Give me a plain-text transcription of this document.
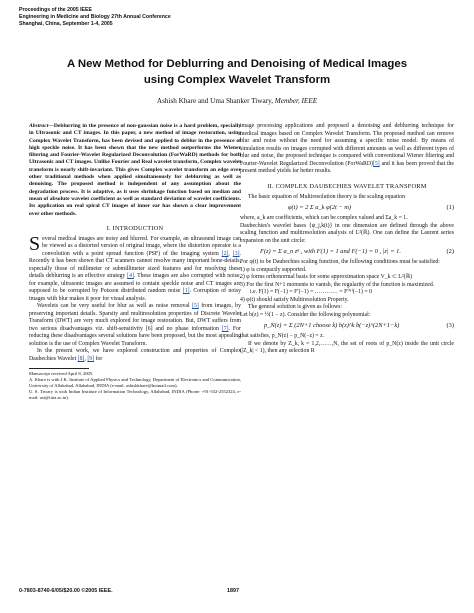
Proceedings of the 2005 IEEE
Engineering in Medicine and Biology 27th Annual Conference
Shanghai, China, September 1-4, 2005
A New Method for Deblurring and Denoising of Medical Images
using Complex Wavelet Transform
Ashish Khare and Uma Shanker Tiwary, Member, IEEE

Abstract—Deblurring in the presence of non-gaussian noise is a hard problem, specially in Ultrasonic and CT images. In this paper, a new method of image restoration, using Complex Wavelet Transform, has been devised and applied to deblur in the presence of high speckle noise. It has been shown that the new method outperforms the Wiener filtering and Fourier-Wavelet Regularized Deconvolution (ForWaRD) methods for both Ultrasonic and CT images. Unlike Fourier and Real wavelet transform, Complex wavelet transform is nearly shift-invariant. This gives Complex wavelet transform an edge over other traditional methods when applied simultaneously for deblurring as well as denoising. The proposed method is independent of any assumption about the degradation process. It is adaptive, as it uses shrinkage function based on median and mean of absolute wavelet coefficient as well as standard deviation of wavelet coefficients. Its application on real spiral CT images of inner ear has shown a clear improvement over other methods.

I. INTRODUCTION

Several medical images are noisy and blurred. For example, an ultrasound image can be viewed as a distorted version of original image, where the distortion operator is a convolution with a point spread function (PSF) of the imaging system [2], [3]. Recently it has been shown that CT scanners cannot resolve many important bone-details, especially those of millimeter or submillimeter sized features and for resolving these details deblurring is an effective strategy [4]. These images are also corrupted with noise, for example, ultrasonic images are assumed to contain speckle noise and CT images are supposed to be corrupted by Poisson distributed random noise [1]. Corruption of noisy images with blur makes it poor for visual analysis.

Wavelets can be very useful for blur as well as noise removal [5] from images, by preserving important details. Sparsity and multiresolution properties of Discrete Wavelet Transform (DWT) are very much explored for image restoration. But, DWT suffers from two serious disadvantages viz. shift-sensitivity [6] and no phase information [7]. For reducing these disadvantages several solutions have been proposed, but the most appealing solution is the use of Complex Wavelet Transform.

In the present work, we have explored construction and properties of Complex Daubechies Wavelet [8], [9] for

Manuscript received April 8, 2005.

A. Khare is with J.K. Institute of Applied Physics and Technology, Department of Electronics and Communication, University of Allahabad, Allahabad, INDIA (e-mail: ashishkhare@hotmail.com).

U. S. Tiwary is with Indian Institute of Information Technology, Allahabad, INDIA (Phone: +91-532-2552324, e-mail: ust@iiita.ac.in).

image processing applications and proposed a denoising and deblurring technique for medical images based on Complex Wavelet Transform. The proposed method can remove blur and noise without the need for assuming a specific noise model. By means of simulation results on images corrupted with different amounts as well as different types of blur and noise, the proposed technique is compared with conventional Wiener filtering and Fourier-Wavelet Regularized Deconvolution (ForWaRD)[5] and it has been proved that the present method yields far better results.

II. COMPLEX DAUBECHIES WAVELET TRANSFORM

The basic equation of Multiresolution theory is the scaling equation

φ(t) = 2 Σ a_k φ(2t − m)	(1)

where, a_k are coefficients, which can be complex valued and Σa_k = 1.

Daubechies's wavelet bases {ψ_j,k(t)} in one dimension are defined through the above scaling function and multiresolution analysis of L²(ℝ). One can define the Laurent series expansion on the unit circle:

F(z) = Σ a_n zⁿ , with F(1) = 1 and F(−1) = 0 , |z| = 1.	(2)

For φ(t) to be Daubechies scaling function, the following conditions must be satisfied:

1) φ is compactly supported.

2) φ forms orthonormal basis for some approximation space V_k ⊂ L²(ℝ)

3) For the first N+1 moments to vanish, the regularity of the function is maximized.

i.e. F(1) = F(−1) = F′(−1) = ………… = F⁽ᴺ⁾(−1) = 0

4) φ(t) should satisfy Multiresolution Property.

The general solution is given as follows:

Let b(z) = ½(1 − z). Consider the following polynomial:

p_N(z) = Σ (2N+1 choose k) b(z)^k b(−z)^(2N+1−k)	(3)

that satisfies, p_N(z) − p_N(−z) = z.

If we denote by Z_k, k = 1,2,……,N, the set of roots of p_N(z) inside the unit circle (|Z_k| < 1), then any selection R

0-7803-8740-6/05/$20.00 ©2005 IEEE.	1897
